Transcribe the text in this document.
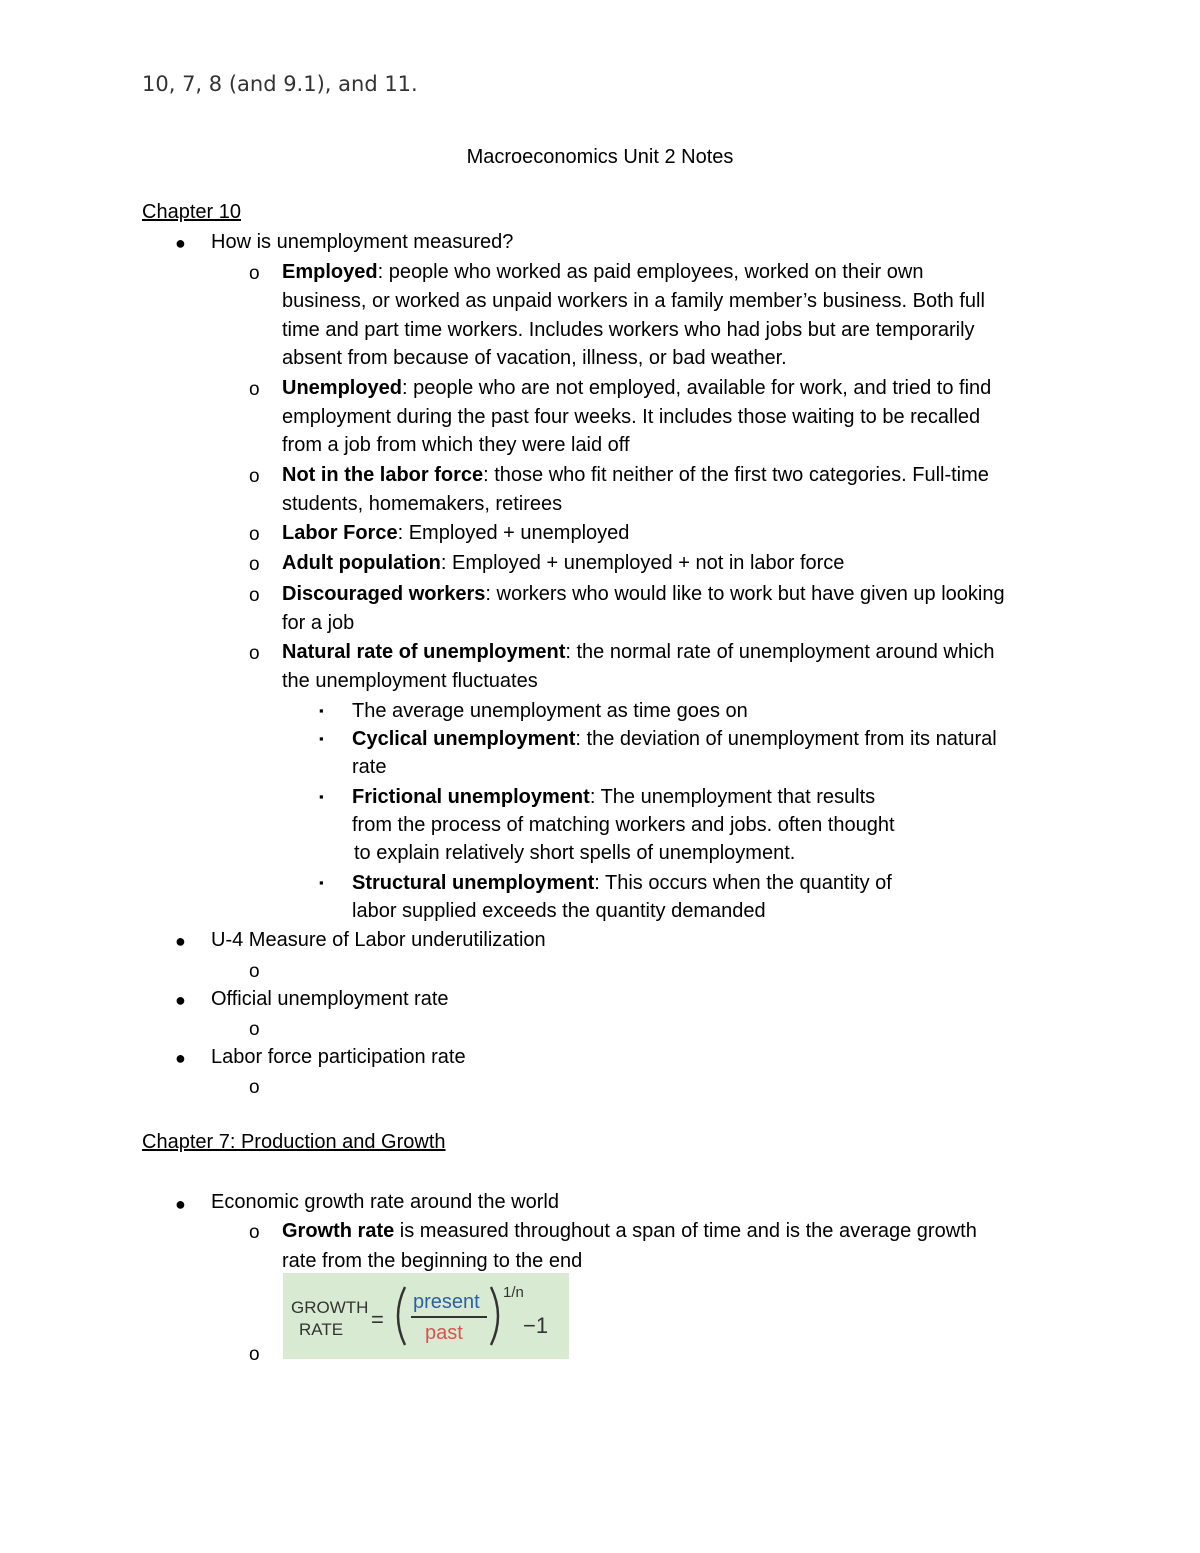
10, 7, 8 (and 9.1), and 11.
Macroeconomics Unit 2 Notes
Chapter 10
● How is unemployment measured?
o Employed: people who worked as paid employees, worked on their own
business, or worked as unpaid workers in a family member’s business. Both full
time and part time workers. Includes workers who had jobs but are temporarily
absent from because of vacation, illness, or bad weather.
o Unemployed: people who are not employed, available for work, and tried to find
employment during the past four weeks. It includes those waiting to be recalled
from a job from which they were laid off
o Not in the labor force: those who fit neither of the first two categories. Full-time
students, homemakers, retirees
o Labor Force: Employed + unemployed
o Adult population: Employed + unemployed + not in labor force
o Discouraged workers: workers who would like to work but have given up looking
for a job
o Natural rate of unemployment: the normal rate of unemployment around which
the unemployment fluctuates
▪ The average unemployment as time goes on
▪ Cyclical unemployment: the deviation of unemployment from its natural
rate
▪ Frictional unemployment: The unemployment that results
from the process of matching workers and jobs. often thought
to explain relatively short spells of unemployment.
▪ Structural unemployment: This occurs when the quantity of
labor supplied exceeds the quantity demanded
● U-4 Measure of Labor underutilization
o
● Official unemployment rate
o
● Labor force participation rate
o
Chapter 7: Production and Growth
● Economic growth rate around the world
o Growth rate is measured throughout a span of time and is the average growth
rate from the beginning to the end
o
GROWTH
RATE =
present
past
1/n
−1
